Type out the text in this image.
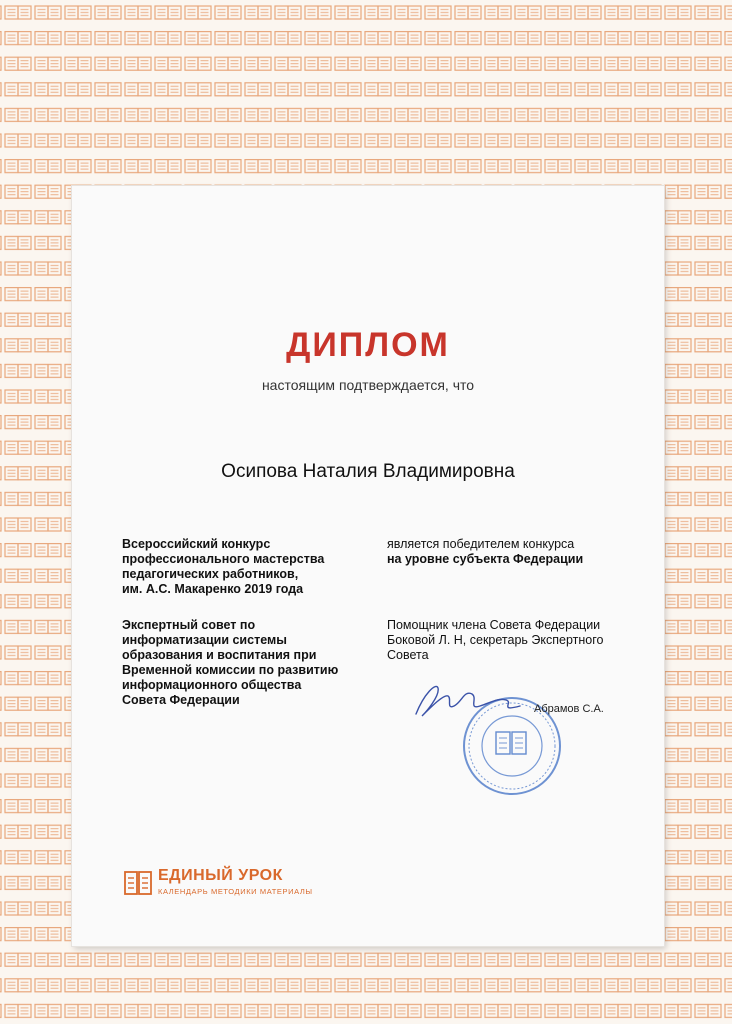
ДИПЛОМ
настоящим подтверждается, что
Осипова Наталия Владимировна
Всероссийский конкурс
профессионального мастерства
педагогических работников,
им. А.С. Макаренко 2019 года
Экспертный совет по
информатизации системы
образования и воспитания при
Временной комиссии по развитию
информационного общества
Совета Федерации
является победителем конкурса
на уровне субъекта Федерации
Помощник члена Совета Федерации
Боковой Л. Н, секретарь Экспертного
Совета
Абрамов С.А.
ЕДИНЫЙ УРОК
КАЛЕНДАРЬ МЕТОДИКИ МАТЕРИАЛЫ
